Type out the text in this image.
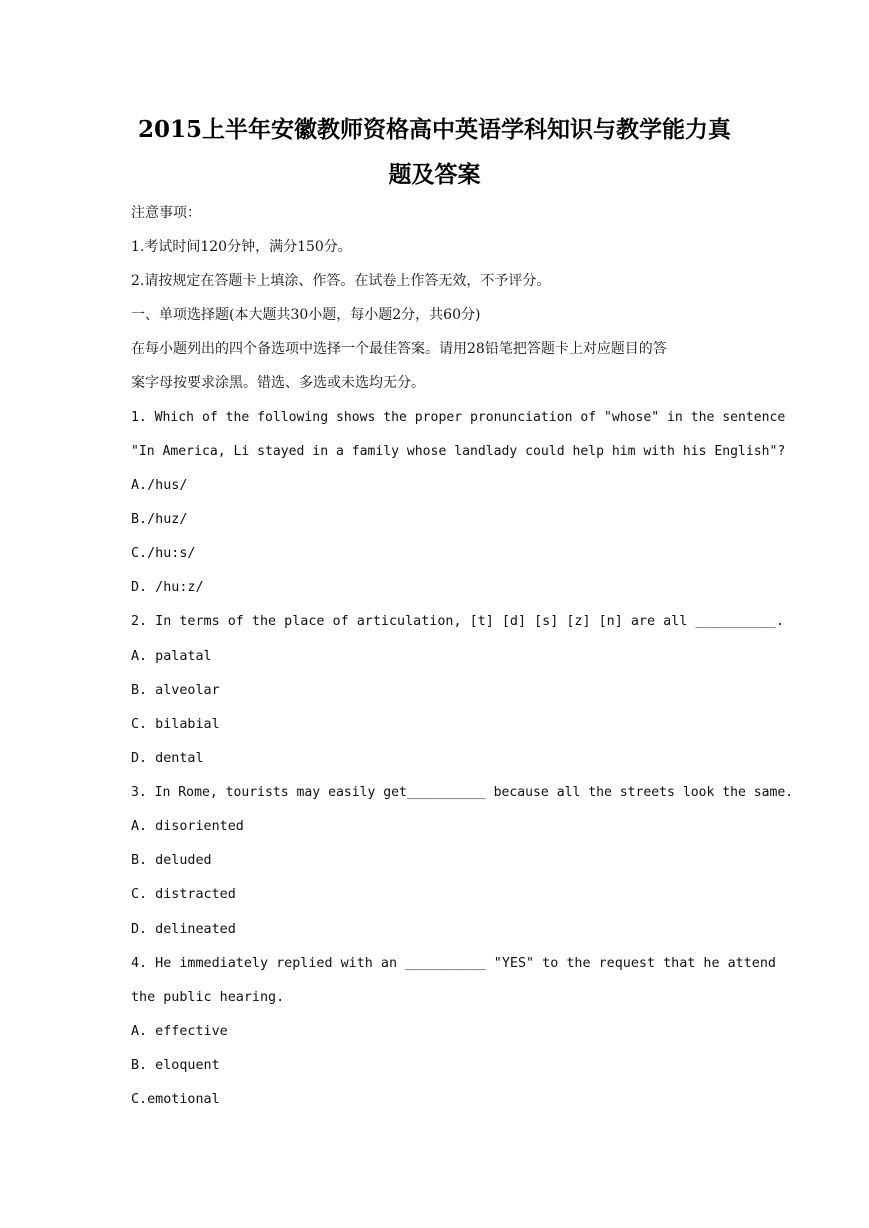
2015上半年安徽教师资格高中英语学科知识与教学能力真
题及答案
注意事项：
1.考试时间120分钟，满分150分。
2.请按规定在答题卡上填涂、作答。在试卷上作答无效，不予评分。
一、单项选择题(本大题共30小题，每小题2分，共60分)
在每小题列出的四个备选项中选择一个最佳答案。请用28铅笔把答题卡上对应题目的答
案字母按要求涂黑。错选、多选或未选均无分。
1. Which of the following shows the proper pronunciation of "whose" in the sentence
"In America, Li stayed in a family whose landlady could help him with his English"?
A./hus/
B./huz/
C./hu:s/
D. /hu:z/
2. In terms of the place of articulation, [t] [d] [s] [z] [n] are all __________.
A. palatal
B. alveolar
C. bilabial
D. dental
3. In Rome, tourists may easily get__________ because all the streets look the same.
A. disoriented
B. deluded
C. distracted
D. delineated
4. He immediately replied with an __________ "YES" to the request that he attend
the public hearing.
A. effective
B. eloquent
C.emotional
